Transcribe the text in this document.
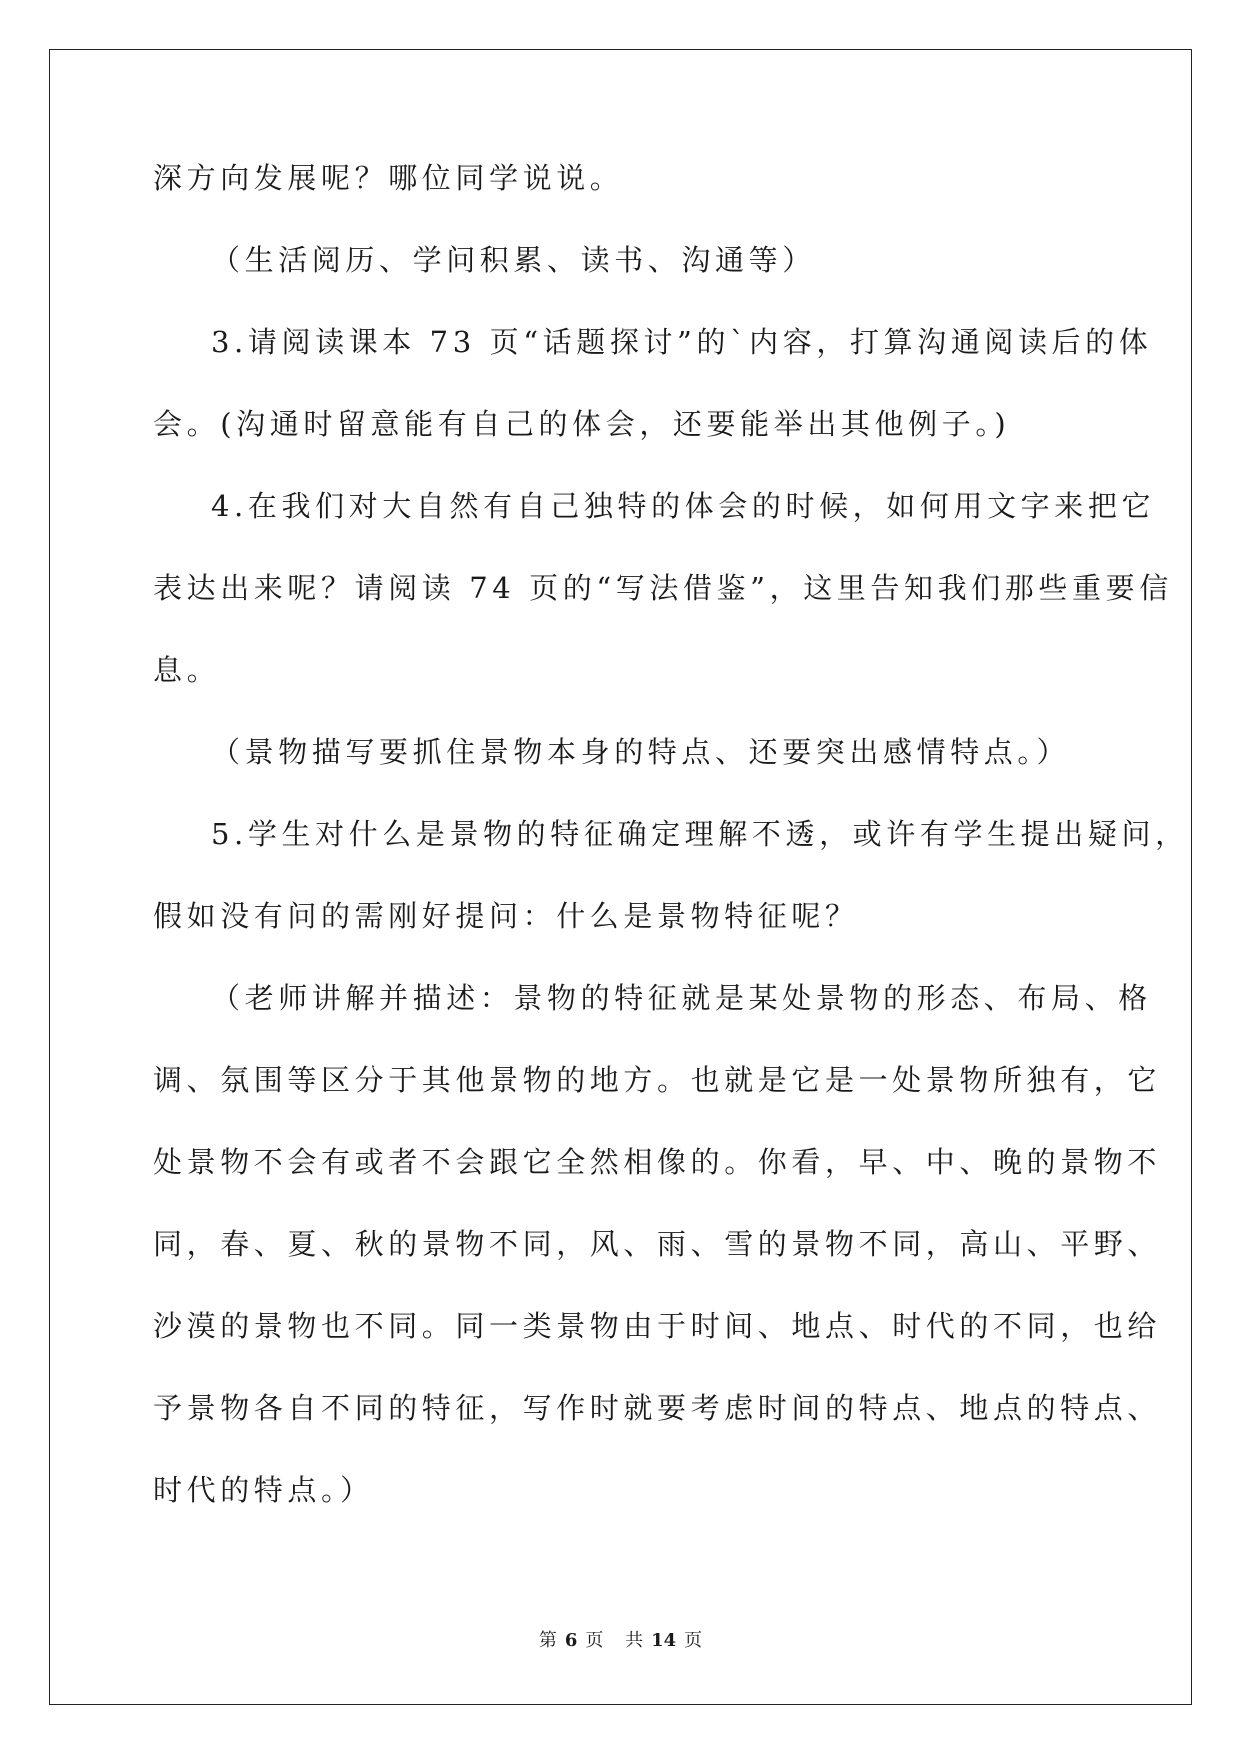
深方向发展呢？哪位同学说说。
（生活阅历、学问积累、读书、沟通等）
3.请阅读课本 73 页“话题探讨”的`内容，打算沟通阅读后的体
会。(沟通时留意能有自己的体会，还要能举出其他例子。)
4.在我们对大自然有自己独特的体会的时候，如何用文字来把它
表达出来呢？请阅读 74 页的“写法借鉴”，这里告知我们那些重要信
息。
（景物描写要抓住景物本身的特点、还要突出感情特点。）
5.学生对什么是景物的特征确定理解不透，或许有学生提出疑问，
假如没有问的需刚好提问：什么是景物特征呢？
（老师讲解并描述：景物的特征就是某处景物的形态、布局、格
调、氛围等区分于其他景物的地方。也就是它是一处景物所独有，它
处景物不会有或者不会跟它全然相像的。你看，早、中、晚的景物不
同，春、夏、秋的景物不同，风、雨、雪的景物不同，高山、平野、
沙漠的景物也不同。同一类景物由于时间、地点、时代的不同，也给
予景物各自不同的特征，写作时就要考虑时间的特点、地点的特点、
时代的特点。）
第 6 页 共 14 页
